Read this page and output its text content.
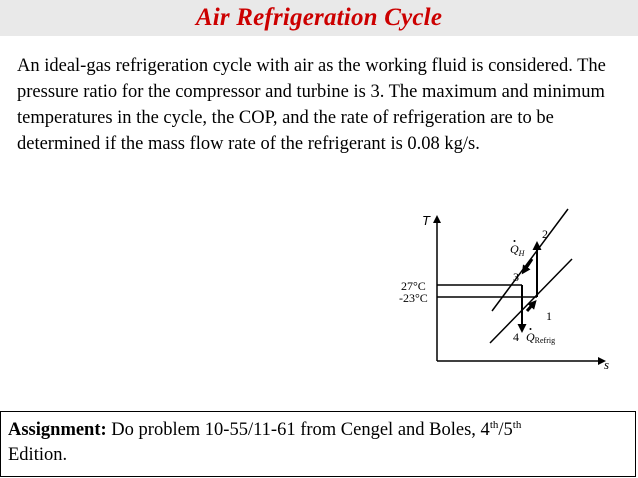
Air Refrigeration Cycle
An ideal-gas refrigeration cycle with air as the working fluid is considered. The pressure ratio for the compressor and turbine is 3. The maximum and minimum temperatures in the cycle, the COP, and the rate of refrigeration are to be determined if the mass flow rate of the refrigerant is 0.08 kg/s.
T
s
27°C
-23°C
1
2
3
4
$Q_H$
QRefrig
Assignment: Do problem 10-55/11-61 from Cengel and Boles, 4th/5th
Edition.
